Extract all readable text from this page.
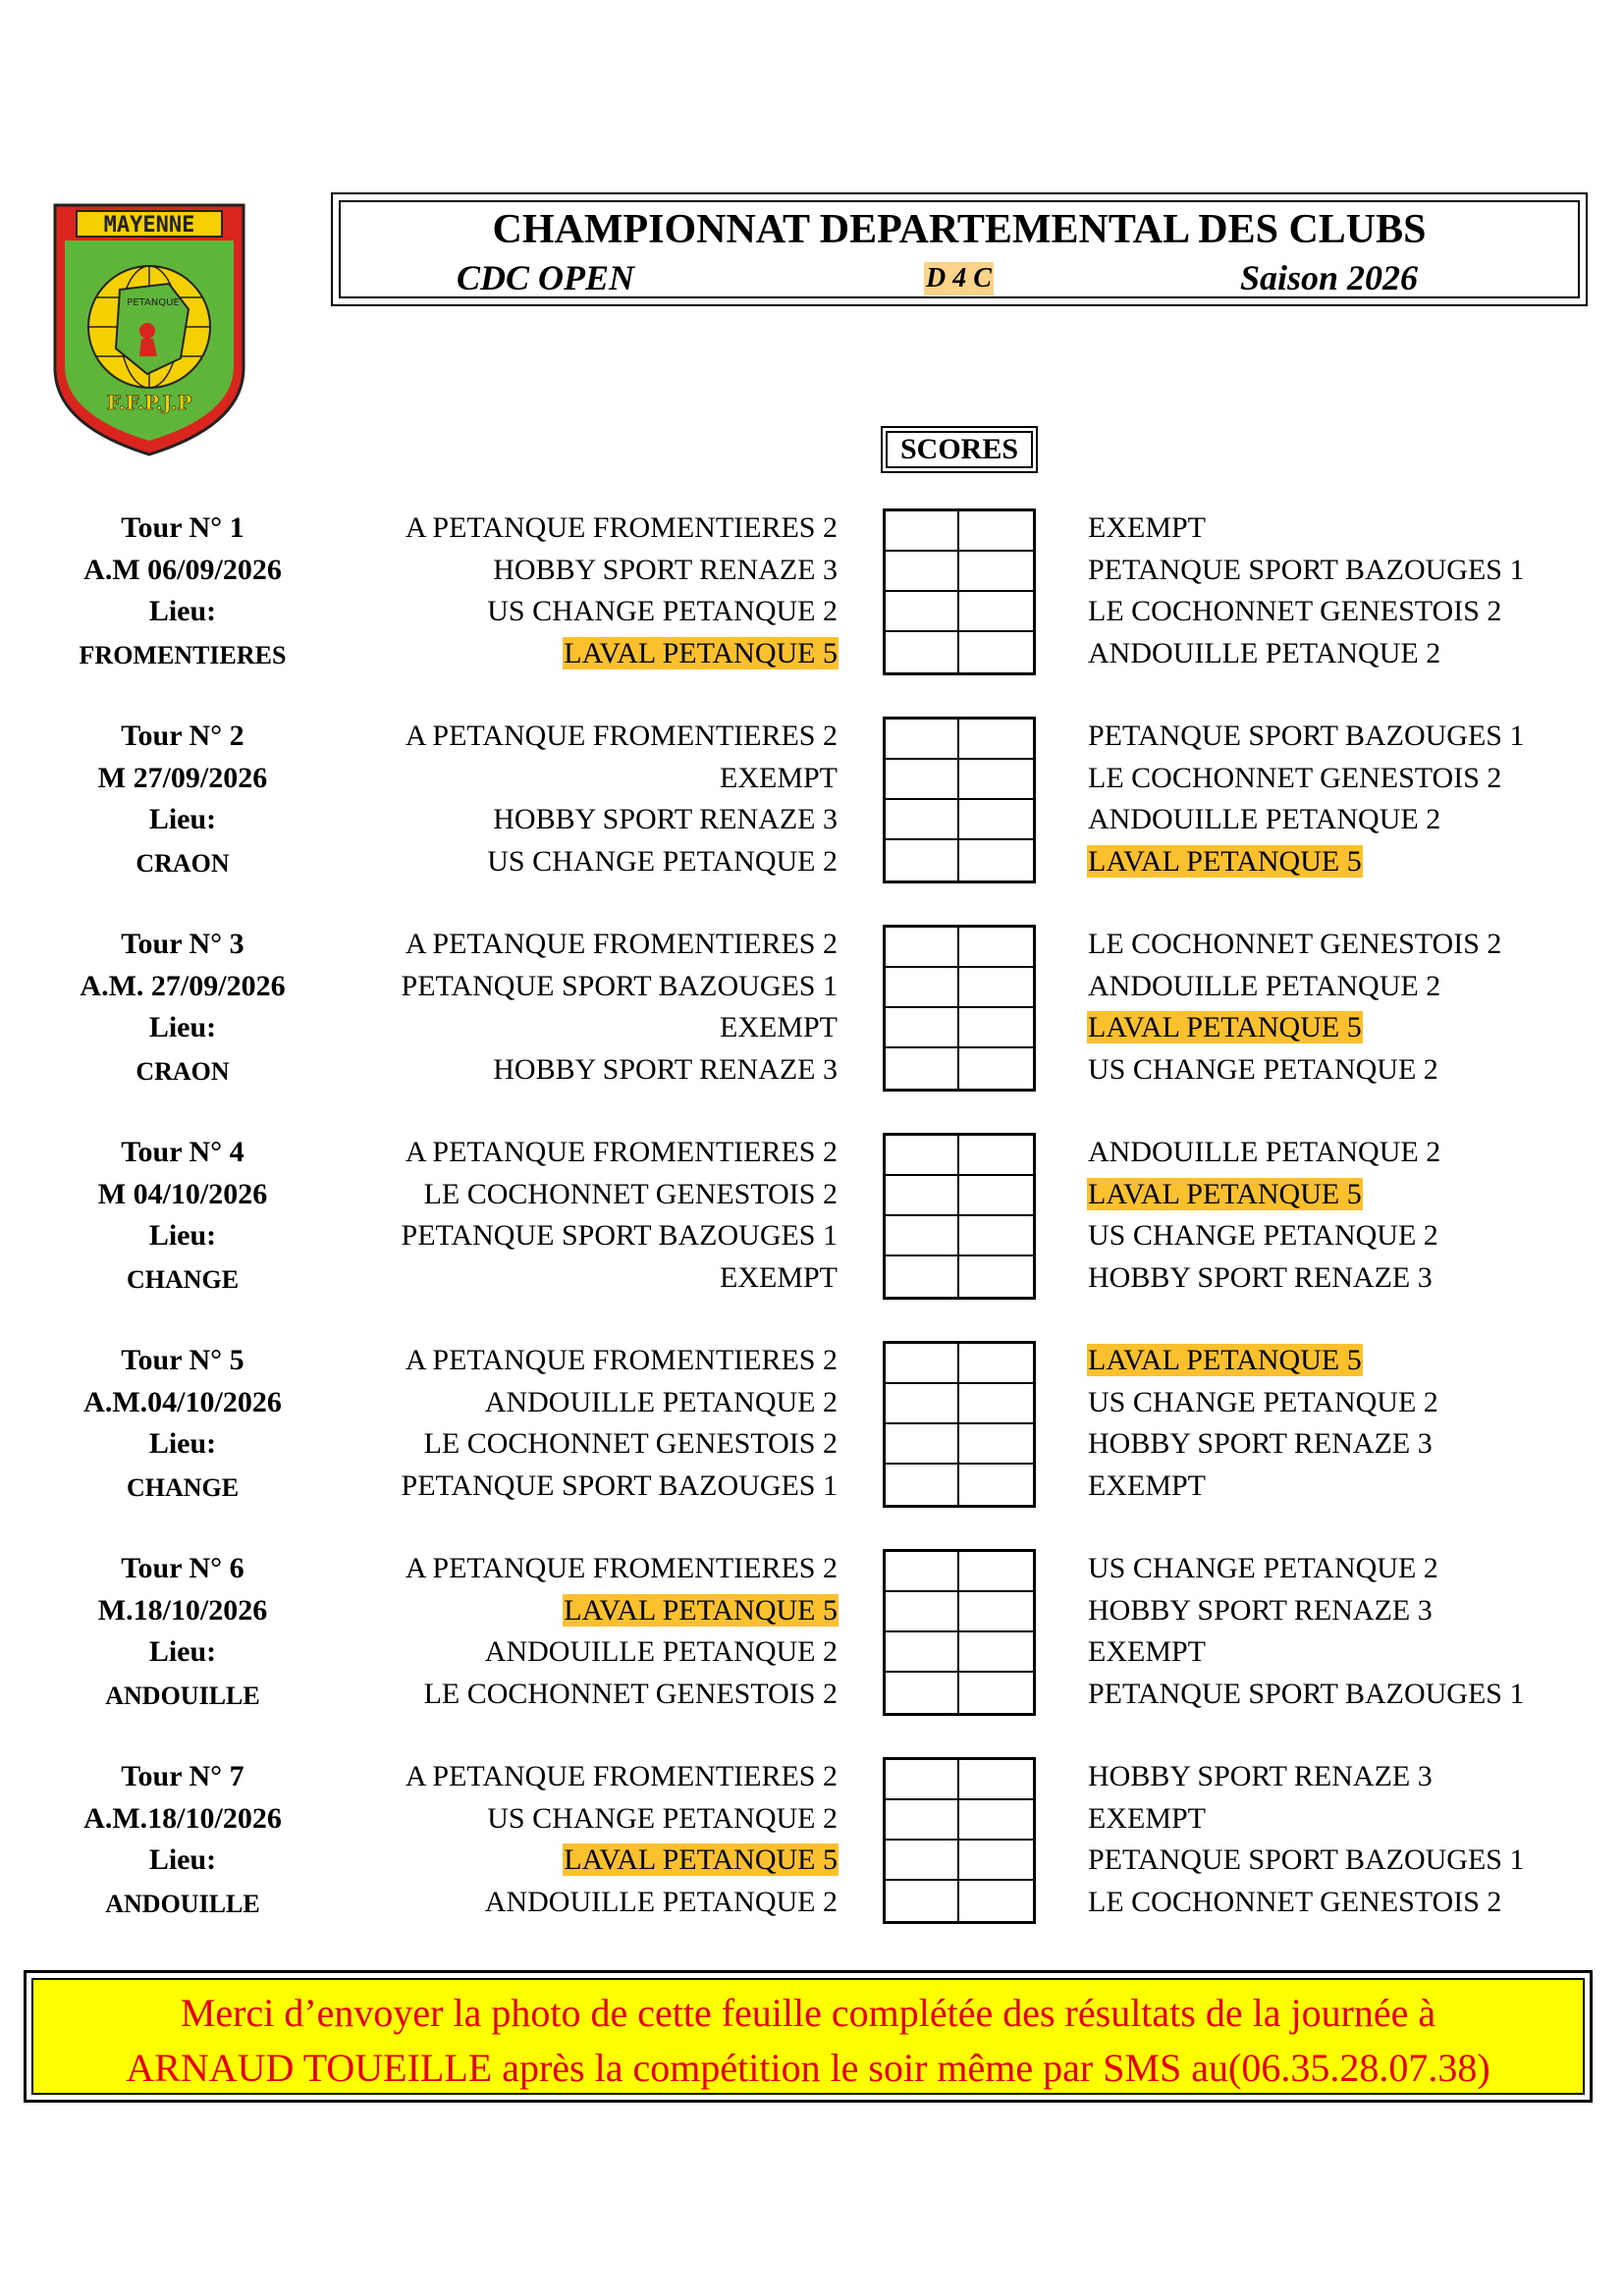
MAYENNE
PETANQUE
F.F.P.J.P
CHAMPIONNAT DEPARTEMENTAL DES CLUBS
CDC OPEN	D 4 C	Saison 2026
SCORES
Tour N° 1
A.M 06/09/2026
Lieu:
FROMENTIERES
A PETANQUE FROMENTIERES 2	EXEMPT
HOBBY SPORT RENAZE 3	PETANQUE SPORT BAZOUGES 1
US CHANGE PETANQUE 2	LE COCHONNET GENESTOIS 2
LAVAL PETANQUE 5	ANDOUILLE PETANQUE 2
Tour N° 2
M 27/09/2026
Lieu:
CRAON
A PETANQUE FROMENTIERES 2	PETANQUE SPORT BAZOUGES 1
EXEMPT	LE COCHONNET GENESTOIS 2
HOBBY SPORT RENAZE 3	ANDOUILLE PETANQUE 2
US CHANGE PETANQUE 2	LAVAL PETANQUE 5
Tour N° 3
A.M. 27/09/2026
Lieu:
CRAON
A PETANQUE FROMENTIERES 2	LE COCHONNET GENESTOIS 2
PETANQUE SPORT BAZOUGES 1	ANDOUILLE PETANQUE 2
EXEMPT	LAVAL PETANQUE 5
HOBBY SPORT RENAZE 3	US CHANGE PETANQUE 2
Tour N° 4
M 04/10/2026
Lieu:
CHANGE
A PETANQUE FROMENTIERES 2	ANDOUILLE PETANQUE 2
LE COCHONNET GENESTOIS 2	LAVAL PETANQUE 5
PETANQUE SPORT BAZOUGES 1	US CHANGE PETANQUE 2
EXEMPT	HOBBY SPORT RENAZE 3
Tour N° 5
A.M.04/10/2026
Lieu:
CHANGE
A PETANQUE FROMENTIERES 2	LAVAL PETANQUE 5
ANDOUILLE PETANQUE 2	US CHANGE PETANQUE 2
LE COCHONNET GENESTOIS 2	HOBBY SPORT RENAZE 3
PETANQUE SPORT BAZOUGES 1	EXEMPT
Tour N° 6
M.18/10/2026
Lieu:
ANDOUILLE
A PETANQUE FROMENTIERES 2	US CHANGE PETANQUE 2
LAVAL PETANQUE 5	HOBBY SPORT RENAZE 3
ANDOUILLE PETANQUE 2	EXEMPT
LE COCHONNET GENESTOIS 2	PETANQUE SPORT BAZOUGES 1
Tour N° 7
A.M.18/10/2026
Lieu:
ANDOUILLE
A PETANQUE FROMENTIERES 2	HOBBY SPORT RENAZE 3
US CHANGE PETANQUE 2	EXEMPT
LAVAL PETANQUE 5	PETANQUE SPORT BAZOUGES 1
ANDOUILLE PETANQUE 2	LE COCHONNET GENESTOIS 2
Merci d’envoyer la photo de cette feuille complétée des résultats de la journée à
ARNAUD TOUEILLE après la compétition le soir même par SMS au(06.35.28.07.38)
